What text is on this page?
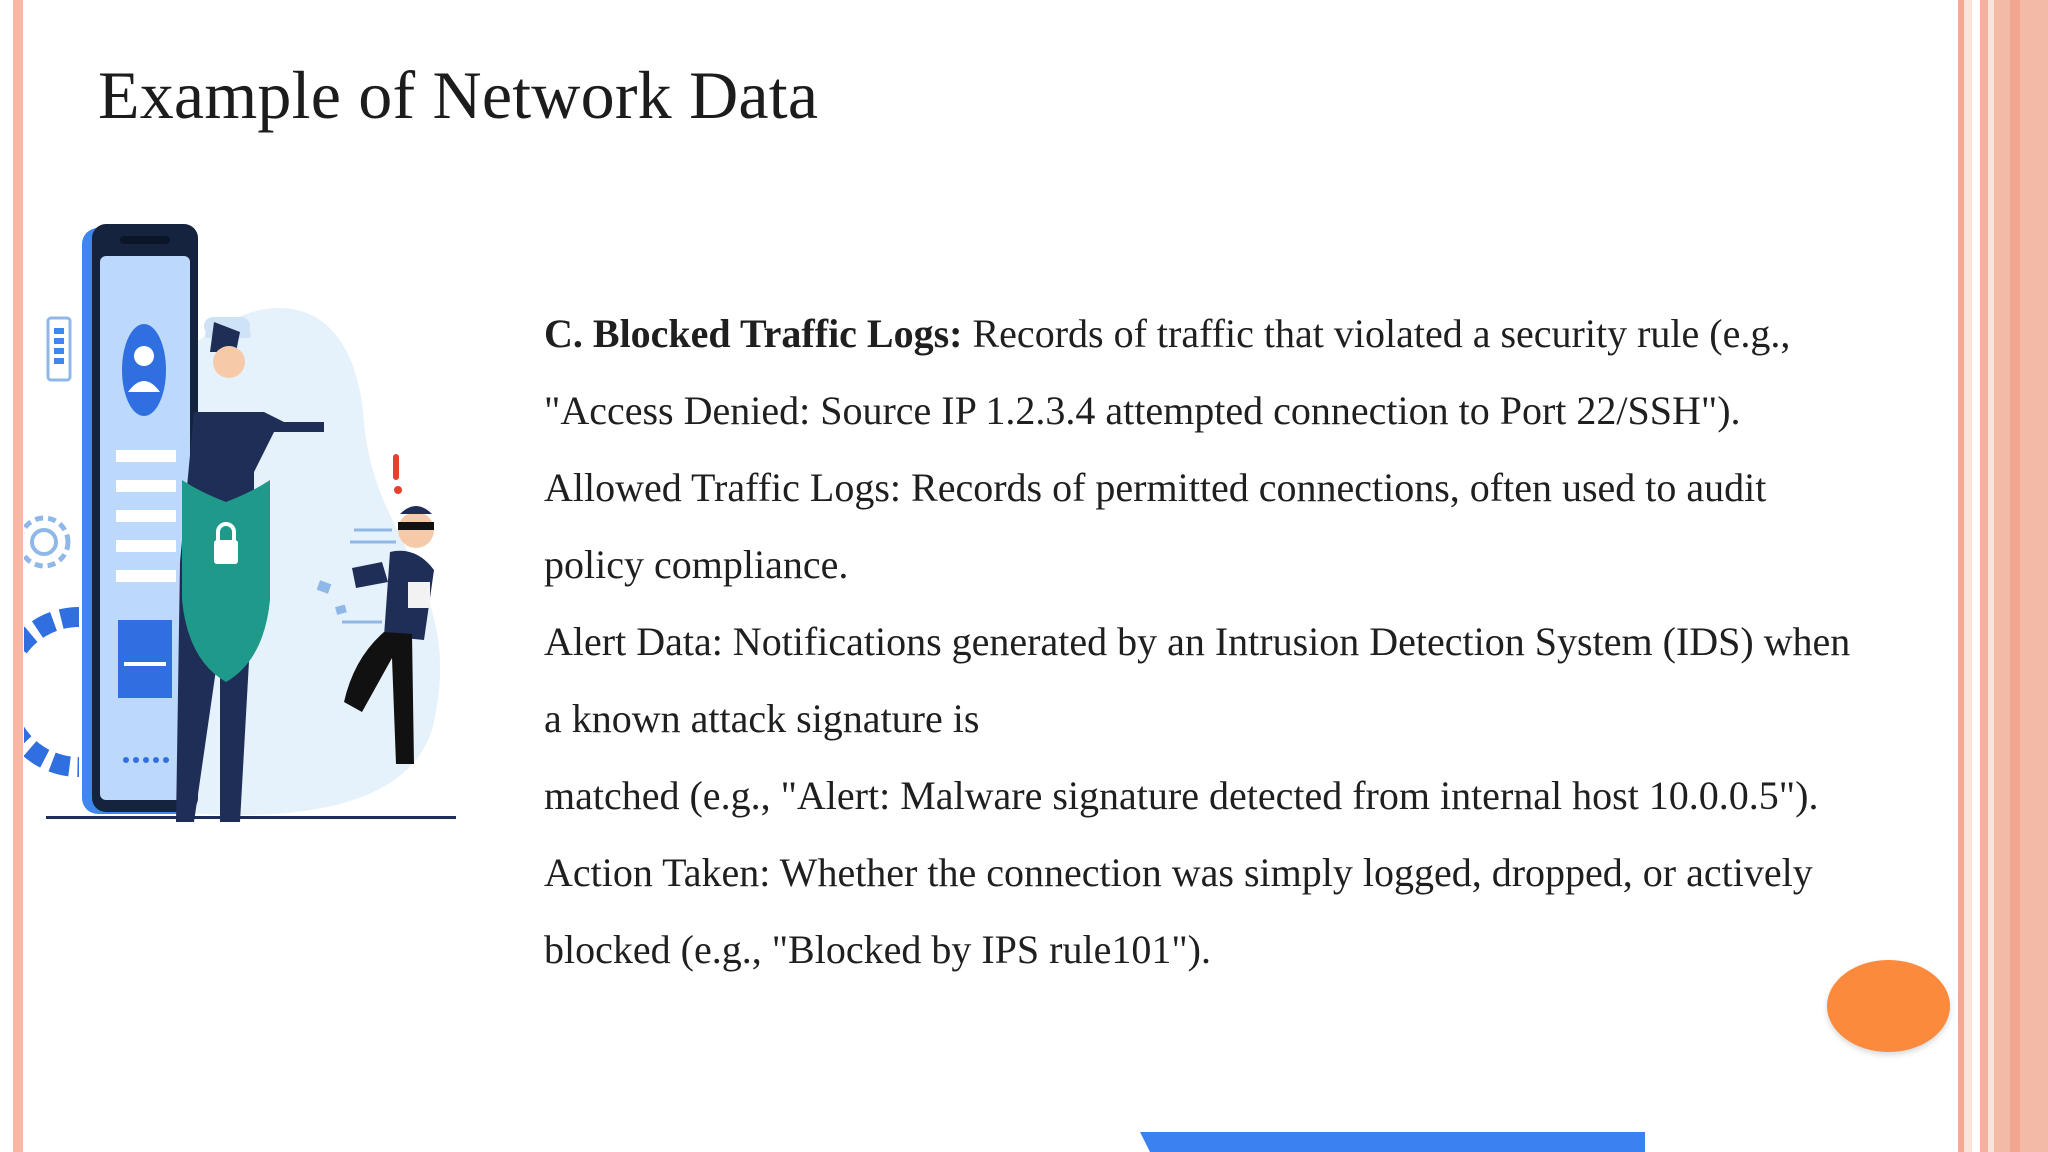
Example of Network Data
C. Blocked Traffic Logs: Records of traffic that violated a security rule (e.g.,
"Access Denied: Source IP 1.2.3.4 attempted connection to Port 22/SSH").
Allowed Traffic Logs: Records of permitted connections, often used to audit
policy compliance.
Alert Data: Notifications generated by an Intrusion Detection System (IDS) when
a known attack signature is
matched (e.g., "Alert: Malware signature detected from internal host 10.0.0.5").
Action Taken: Whether the connection was simply logged, dropped, or actively
blocked (e.g., "Blocked by IPS rule101").
